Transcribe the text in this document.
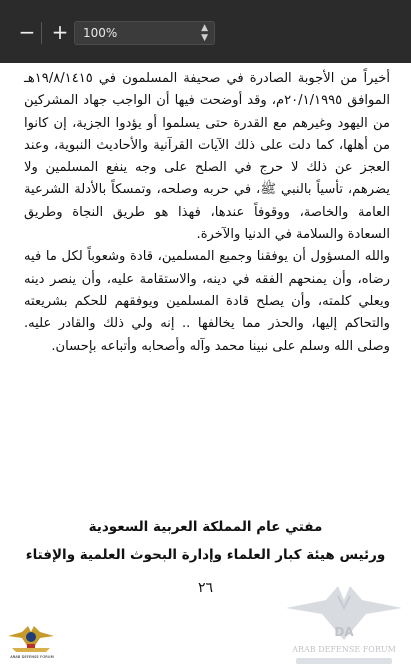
− +	100%	▲
▼

أخيراً من الأجوبة الصادرة في صحيفة المسلمون في ١٩/٨/١٤١٥هـ الموافق ٢٠/١/١٩٩٥م، وقد أوضحت فيها أن الواجب جهاد المشركين من اليهود وغيرهم مع القدرة حتى يسلموا أو يؤدوا الجزية، إن كانوا من أهلها، كما دلت على ذلك الآيات القرآنية والأحاديث النبوية، وعند العجز عن ذلك لا حرج في الصلح على وجه ينفع المسلمين ولا يضرهم، تأسياً بالنبي ﷺ، في حربه وصلحه، وتمسكاً بالأدلة الشرعية العامة والخاصة، ووقوفاً عندها، فهذا هو طريق النجاة وطريق السعادة والسلامة في الدنيا والآخرة.

والله المسؤول أن يوفقنا وجميع المسلمين، قادة وشعوباً لكل ما فيه رضاه، وأن يمنحهم الفقه في دينه، والاستقامة عليه، وأن ينصر دينه ويعلي كلمته، وأن يصلح قادة المسلمين ويوفقهم للحكم بشريعته والتحاكم إليها، والحذر مما يخالفها .. إنه ولي ذلك والقادر عليه. وصلى الله وسلم على نبينا محمد وآله وأصحابه وأتباعه بإحسان.

مفتي عام المملكة العربية السعودية
ورئيس هيئة كبار العلماء وإدارة البحوث العلمية والإفتاء
٢٦
ARAB DEFENSE FORUM
DA
ARAB DEFENSE FORUM
